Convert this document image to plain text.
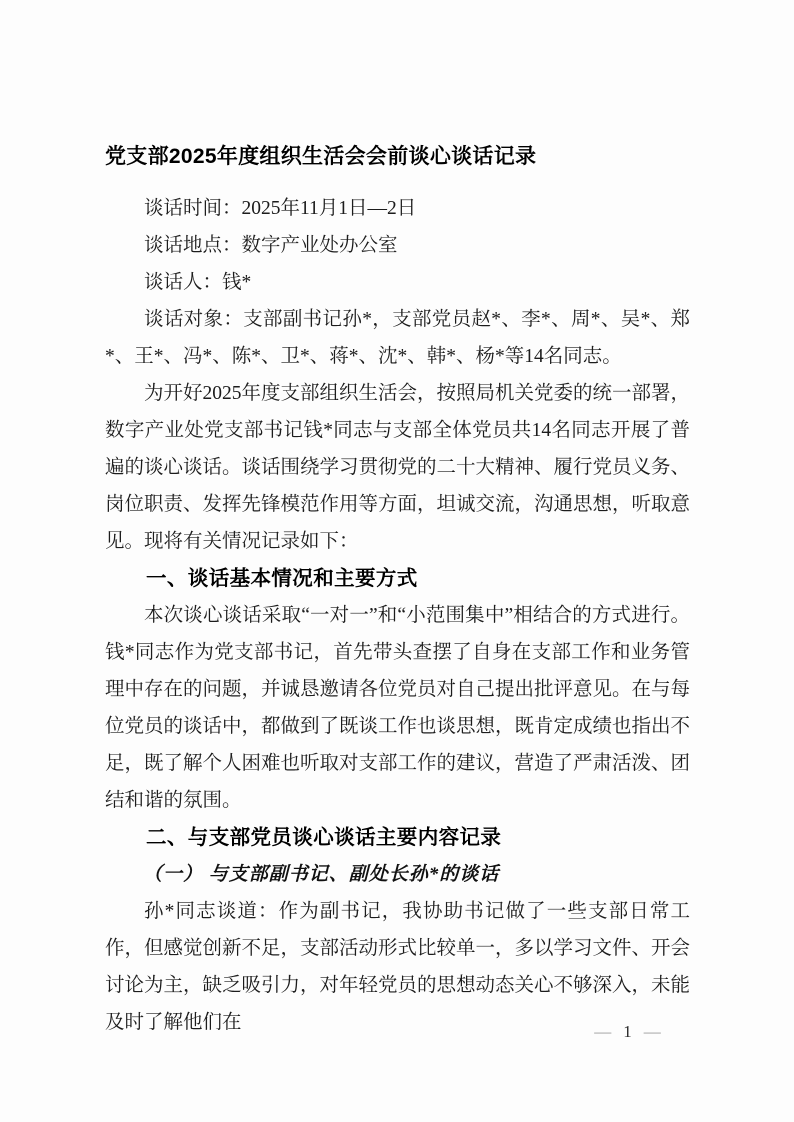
党支部2025年度组织生活会会前谈心谈话记录

谈话时间：2025年11月1日—2日

谈话地点：数字产业处办公室

谈话人：钱*

谈话对象：支部副书记孙*，支部党员赵*、李*、周*、吴*、郑*、王*、冯*、陈*、卫*、蒋*、沈*、韩*、杨*等14名同志。

为开好2025年度支部组织生活会，按照局机关党委的统一部署，数字产业处党支部书记钱*同志与支部全体党员共14名同志开展了普遍的谈心谈话。谈话围绕学习贯彻党的二十大精神、履行党员义务、岗位职责、发挥先锋模范作用等方面，坦诚交流，沟通思想，听取意见。现将有关情况记录如下：

一、谈话基本情况和主要方式

本次谈心谈话采取“一对一”和“小范围集中”相结合的方式进行。钱*同志作为党支部书记，首先带头查摆了自身在支部工作和业务管理中存在的问题，并诚恳邀请各位党员对自己提出批评意见。在与每位党员的谈话中，都做到了既谈工作也谈思想，既肯定成绩也指出不足，既了解个人困难也听取对支部工作的建议，营造了严肃活泼、团结和谐的氛围。

二、与支部党员谈心谈话主要内容记录
（一） 与支部副书记、副处长孙*的谈话

孙*同志谈道：作为副书记，我协助书记做了一些支部日常工作，但感觉创新不足，支部活动形式比较单一，多以学习文件、开会讨论为主，缺乏吸引力，对年轻党员的思想动态关心不够深入，未能及时了解他们在	— 1 —
